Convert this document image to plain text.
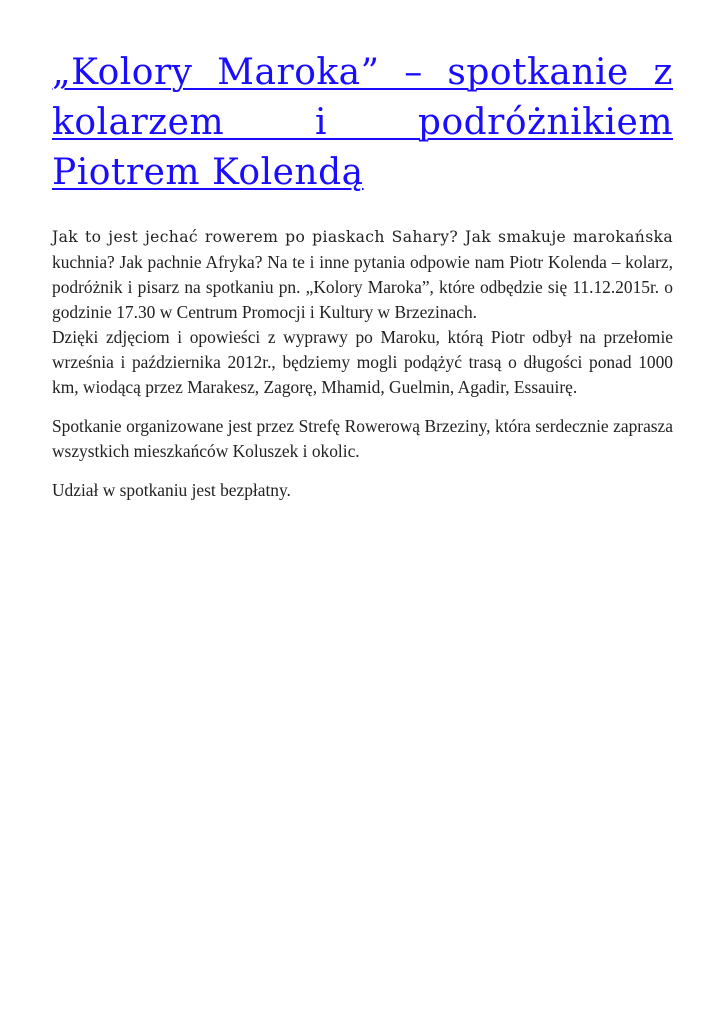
„Kolory Maroka” – spotkanie z kolarzem i podróżnikiem Piotrem Kolendą

Jak to jest jechać rowerem po piaskach Sahary? Jak smakuje marokańska kuchnia? Jak pachnie Afryka? Na te i inne pytania odpowie nam Piotr Kolenda – kolarz, podróżnik i pisarz na spotkaniu pn. „Kolory Maroka”, które odbędzie się 11.12.2015r. o godzinie 17.30 w Centrum Promocji i Kultury w Brzezinach.
Dzięki zdjęciom i opowieści z wyprawy po Maroku, którą Piotr odbył na przełomie września i października 2012r., będziemy mogli podążyć trasą o długości ponad 1000 km, wiodącą przez Marakesz, Zagorę, Mhamid, Guelmin, Agadir, Essauirę.

Spotkanie organizowane jest przez Strefę Rowerową Brzeziny, która serdecznie zaprasza wszystkich mieszkańców Koluszek i okolic.

Udział w spotkaniu jest bezpłatny.
